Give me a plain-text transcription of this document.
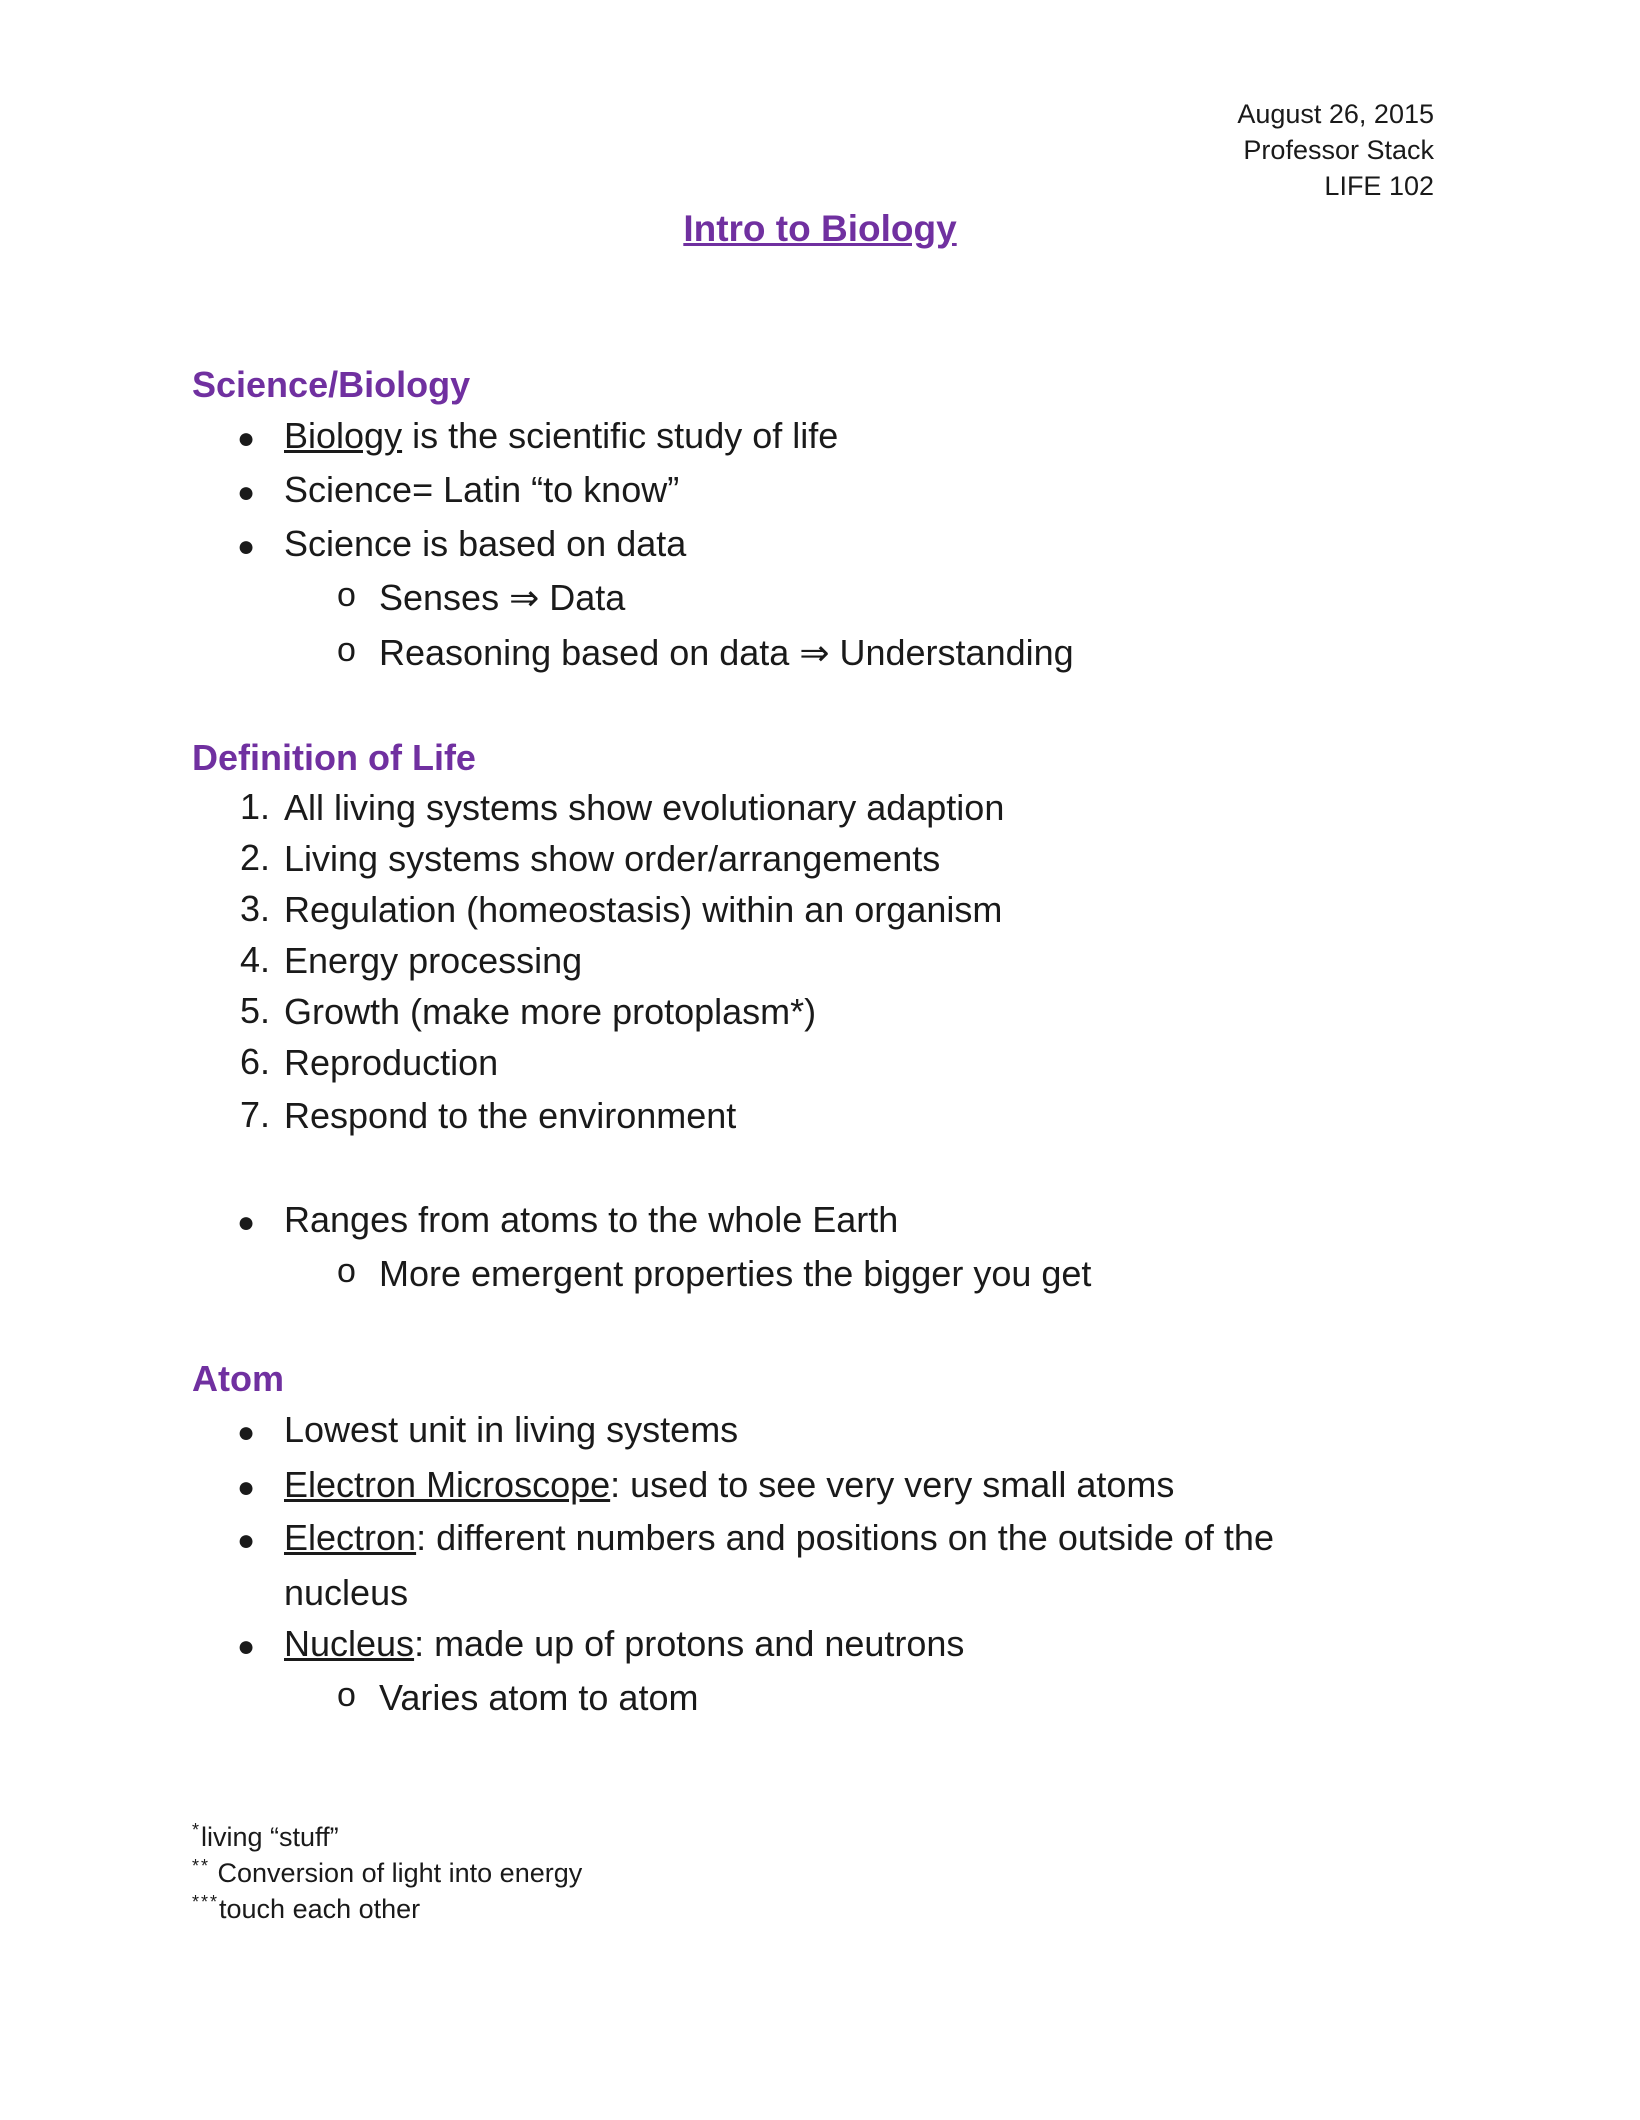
August 26, 2015
Professor Stack
LIFE 102
Intro to Biology
Science/Biology
● Biology is the scientific study of life
● Science= Latin “to know”
● Science is based on data
o Senses ⇒ Data
o Reasoning based on data ⇒ Understanding
Definition of Life
1. All living systems show evolutionary adaption
2. Living systems show order/arrangements
3. Regulation (homeostasis) within an organism
4. Energy processing
5. Growth (make more protoplasm*)
6. Reproduction
7. Respond to the environment
● Ranges from atoms to the whole Earth
o More emergent properties the bigger you get
Atom
● Lowest unit in living systems
● Electron Microscope: used to see very very small atoms
● Electron: different numbers and positions on the outside of the
nucleus
● Nucleus: made up of protons and neutrons
o Varies atom to atom
*living “stuff”
** Conversion of light into energy
***touch each other
